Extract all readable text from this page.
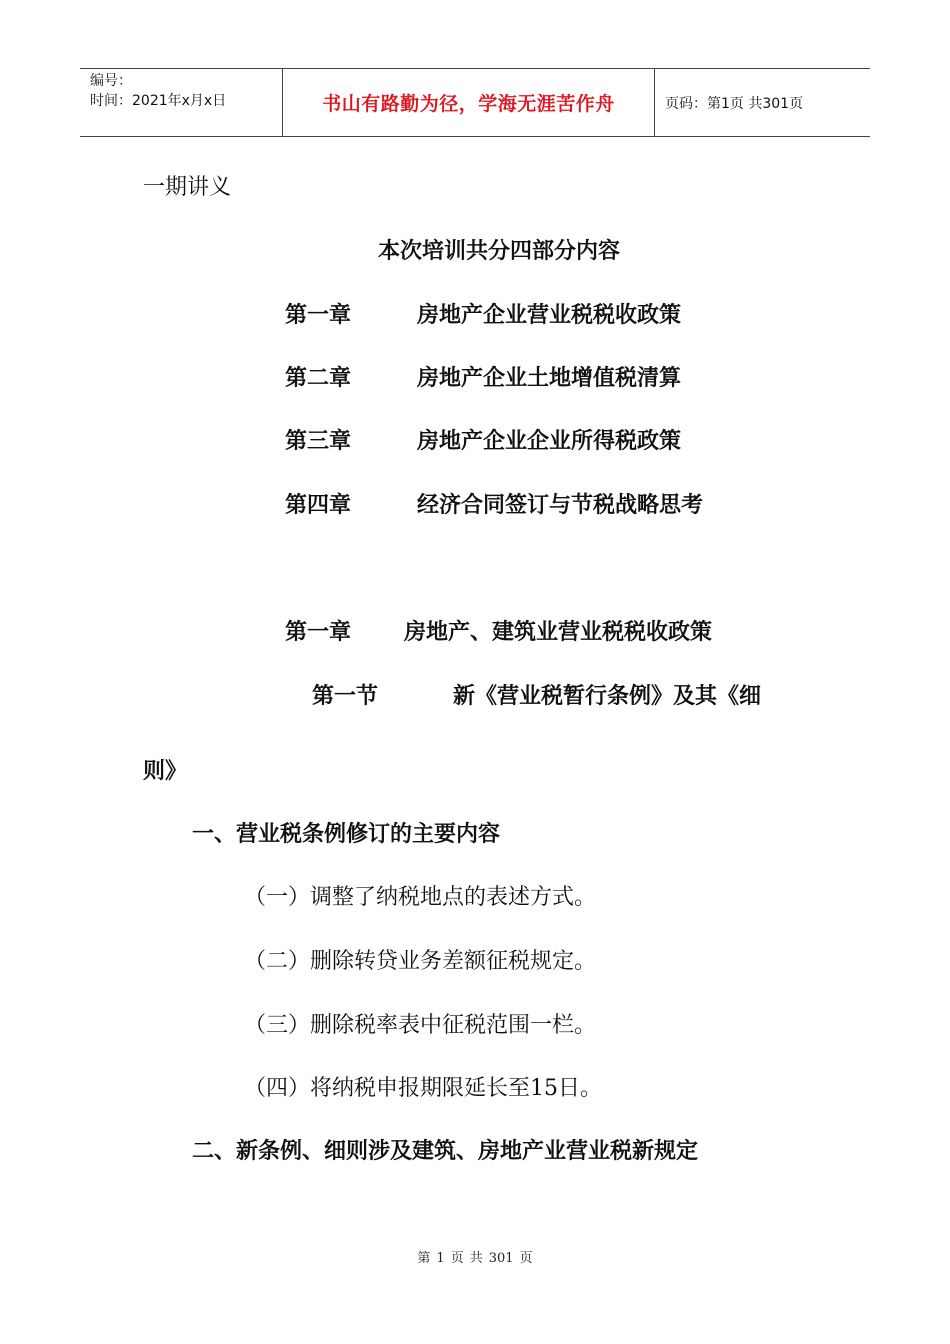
编号：
时间：2021年x月x日	书山有路勤为径，学海无涯苦作舟	页码：第1页 共301页
一期讲义
本次培训共分四部分内容
第一章	房地产企业营业税税收政策
第二章	房地产企业土地增值税清算
第三章	房地产企业企业所得税政策
第四章	经济合同签订与节税战略思考
第一章 房地产、建筑业营业税税收政策
第一节	新《营业税暂行条例》及其《细
则》
一、营业税条例修订的主要内容
（一）调整了纳税地点的表述方式。
（二）删除转贷业务差额征税规定。
（三）删除税率表中征税范围一栏。
（四）将纳税申报期限延长至15日。
二、新条例、细则涉及建筑、房地产业营业税新规定
第 1 页 共 301 页
